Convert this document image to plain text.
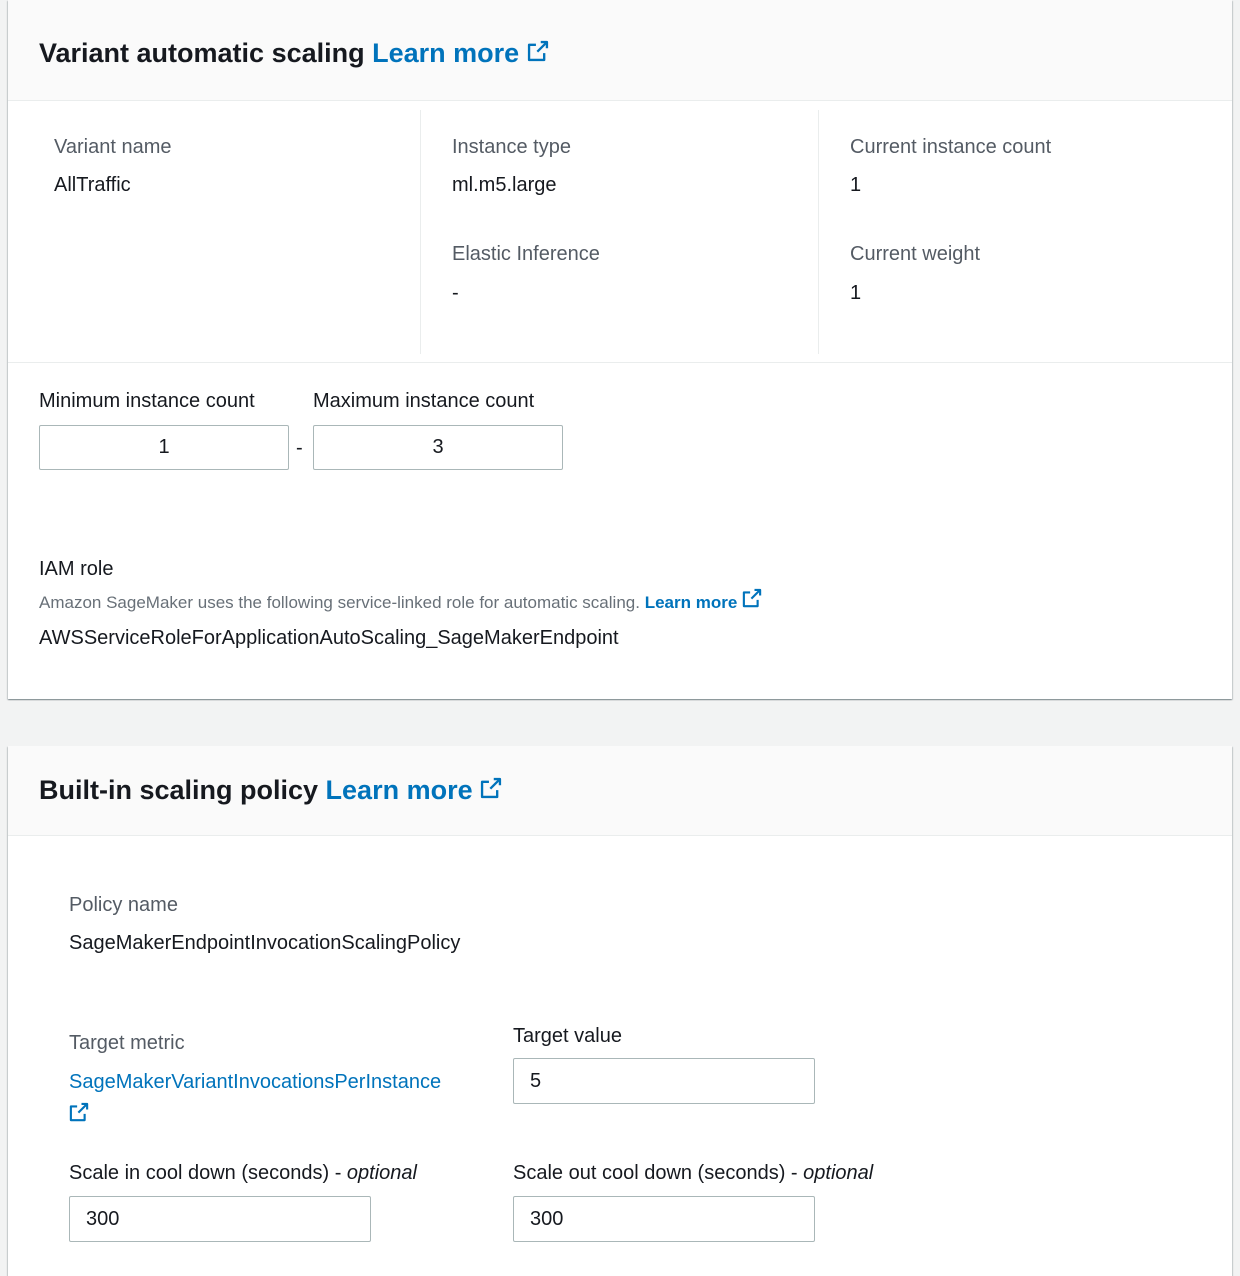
Variant automatic scaling Learn more
Variant name
AllTraffic
Instance type
ml.m5.large
Elastic Inference
-
Current instance count
1
Current weight
1
Minimum instance count	Maximum instance count
1
-
3
IAM role
Amazon SageMaker uses the following service-linked role for automatic scaling. Learn more
AWSServiceRoleForApplicationAutoScaling_SageMakerEndpoint
Built-in scaling policy Learn more
Policy name
SageMakerEndpointInvocationScalingPolicy
Target metric
SageMakerVariantInvocationsPerInstance
Target value
5
Scale in cool down (seconds) - optional
300	Scale out cool down (seconds) - optional
300
